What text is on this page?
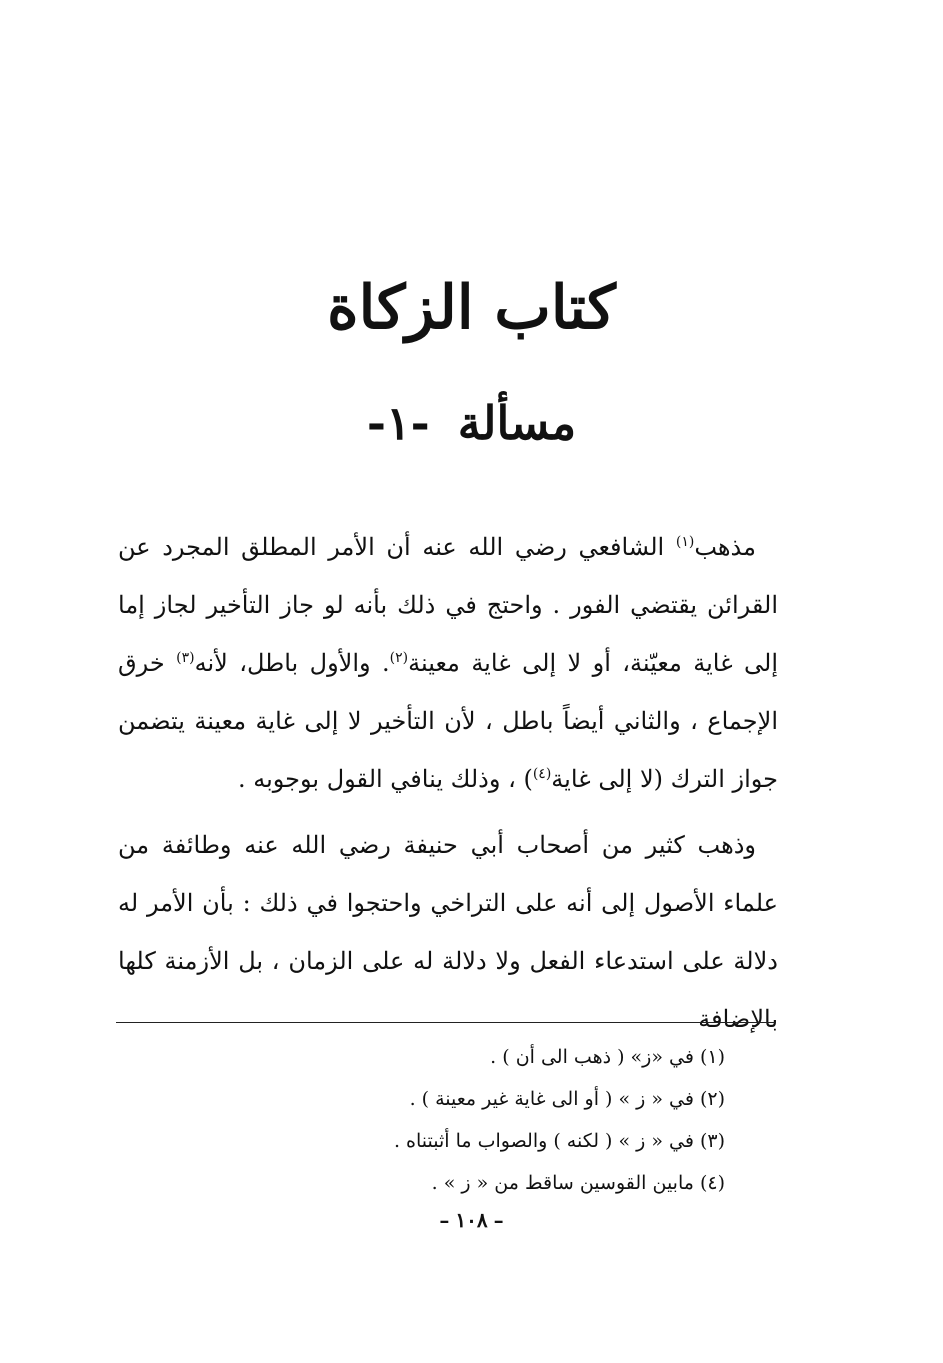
كتاب الزكاة
مسألة-١-

مذهب$^{(١)}$ الشافعي رضي الله عنه أن الأمر المطلق المجرد عن القرائن يقتضي الفور . واحتج في ذلك بأنه لو جاز التأخير لجاز إما إلى غاية معيّنة، أو لا إلى غاية معينة$^{(٢)}$. والأول باطل، لأنه$^{(٣)}$ خرق الإجماع ، والثاني أيضاً باطل ، لأن التأخير لا إلى غاية معينة يتضمن جواز الترك (لا إلى غاية$^{(٤)}$) ، وذلك ينافي القول بوجوبه .

وذهب كثير من أصحاب أبي حنيفة رضي الله عنه وطائفة من علماء الأصول إلى أنه على التراخي واحتجوا في ذلك : بأن الأمر له دلالة على استدعاء الفعل ولا دلالة له على الزمان ، بل الأزمنة كلها بالإضافة

(١)في «ز» ( ذهب الى أن ) .
(٢)في « ز » ( أو الى غاية غير معينة ) .
(٣)في « ز » ( لكنه ) والصواب ما أثبتناه .
(٤)مابين القوسين ساقط من « ز » .
–١٠٨–
